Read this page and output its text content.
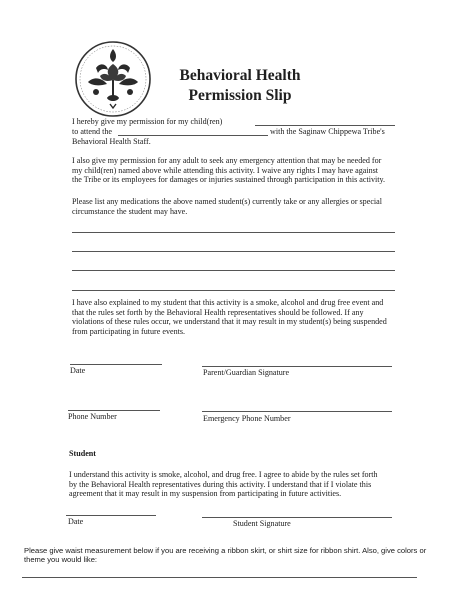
Behavioral Health
Permission Slip
I hereby give my permission for my child(ren)
to attend the	with the Saginaw Chippewa Tribe's
Behavioral Health Staff.
I also give my permission for any adult to seek any emergency attention that may be needed for
my child(ren) named above while attending this activity. I waive any rights I may have against
the Tribe or its employees for damages or injuries sustained through participation in this activity.
Please list any medications the above named student(s) currently take or any allergies or special
circumstance the student may have.
I have also explained to my student that this activity is a smoke, alcohol and drug free event and
that the rules set forth by the Behavioral Health representatives should be followed. If any
violations of these rules occur, we understand that it may result in my student(s) being suspended
from participating in future events.
Date	Parent/Guardian Signature
Phone Number	Emergency Phone Number
Student
I understand this activity is smoke, alcohol, and drug free. I agree to abide by the rules set forth
by the Behavioral Health representatives during this activity. I understand that if I violate this
agreement that it may result in my suspension from participating in future activities.
Date	Student Signature
Please give waist measurement below if you are receiving a ribbon skirt, or shirt size for ribbon shirt. Also, give colors or
theme you would like:
